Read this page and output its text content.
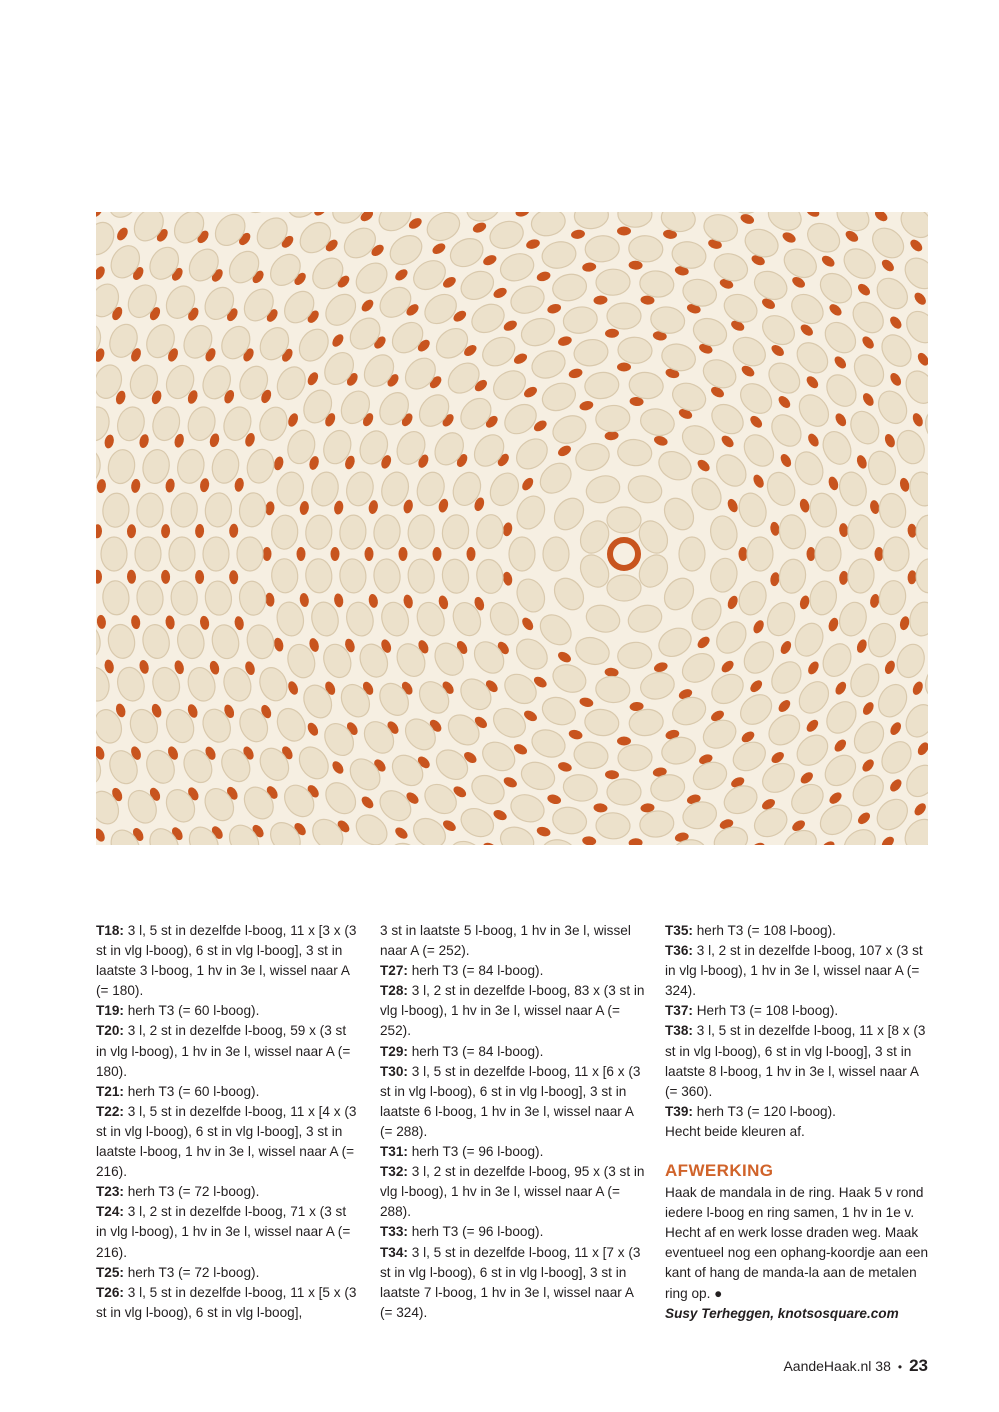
T18: 3 l, 5 st in dezelfde l-boog, 11 x [3 x (3 st in vlg l-boog), 6 st in vlg l-boog], 3 st in laatste 3 l-boog, 1 hv in 3e l, wissel naar A (= 180).

T19: herh T3 (= 60 l-boog).

T20: 3 l, 2 st in dezelfde l-boog, 59 x (3 st in vlg l-boog), 1 hv in 3e l, wissel naar A (= 180).

T21: herh T3 (= 60 l-boog).

T22: 3 l, 5 st in dezelfde l-boog, 11 x [4 x (3 st in vlg l-boog), 6 st in vlg l-boog], 3 st in laatste l-boog, 1 hv in 3e l, wissel naar A (= 216).

T23: herh T3 (= 72 l-boog).

T24: 3 l, 2 st in dezelfde l-boog, 71 x (3 st in vlg l-boog), 1 hv in 3e l, wissel naar A (= 216).

T25: herh T3 (= 72 l-boog).

T26: 3 l, 5 st in dezelfde l-boog, 11 x [5 x (3 st in vlg l-boog), 6 st in vlg l-boog],

3 st in laatste 5 l-boog, 1 hv in 3e l, wissel naar A (= 252).

T27: herh T3 (= 84 l-boog).

T28: 3 l, 2 st in dezelfde l-boog, 83 x (3 st in vlg l-boog), 1 hv in 3e l, wissel naar A (= 252).

T29: herh T3 (= 84 l-boog).

T30: 3 l, 5 st in dezelfde l-boog, 11 x [6 x (3 st in vlg l-boog), 6 st in vlg l-boog], 3 st in laatste 6 l-boog, 1 hv in 3e l, wissel naar A (= 288).

T31: herh T3 (= 96 l-boog).

T32: 3 l, 2 st in dezelfde l-boog, 95 x (3 st in vlg l-boog), 1 hv in 3e l, wissel naar A (= 288).

T33: herh T3 (= 96 l-boog).

T34: 3 l, 5 st in dezelfde l-boog, 11 x [7 x (3 st in vlg l-boog), 6 st in vlg l-boog], 3 st in laatste 7 l-boog, 1 hv in 3e l, wissel naar A (= 324).

T35: herh T3 (= 108 l-boog).

T36: 3 l, 2 st in dezelfde l-boog, 107 x (3 st in vlg l-boog), 1 hv in 3e l, wissel naar A (= 324).

T37: Herh T3 (= 108 l-boog).

T38: 3 l, 5 st in dezelfde l-boog, 11 x [8 x (3 st in vlg l-boog), 6 st in vlg l-boog], 3 st in laatste 8 l-boog, 1 hv in 3e l, wissel naar A (= 360).

T39: herh T3 (= 120 l-boog).

Hecht beide kleuren af.

AFWERKING

Haak de mandala in de ring. Haak 5 v rond iedere l-boog en ring samen, 1 hv in 1e v. Hecht af en werk losse draden weg. Maak eventueel nog een ophang-koordje aan een kant of hang de manda-la aan de metalen ring op. ●

Susy Terheggen, knotsosquare.com

AandeHaak.nl 38 • 23
